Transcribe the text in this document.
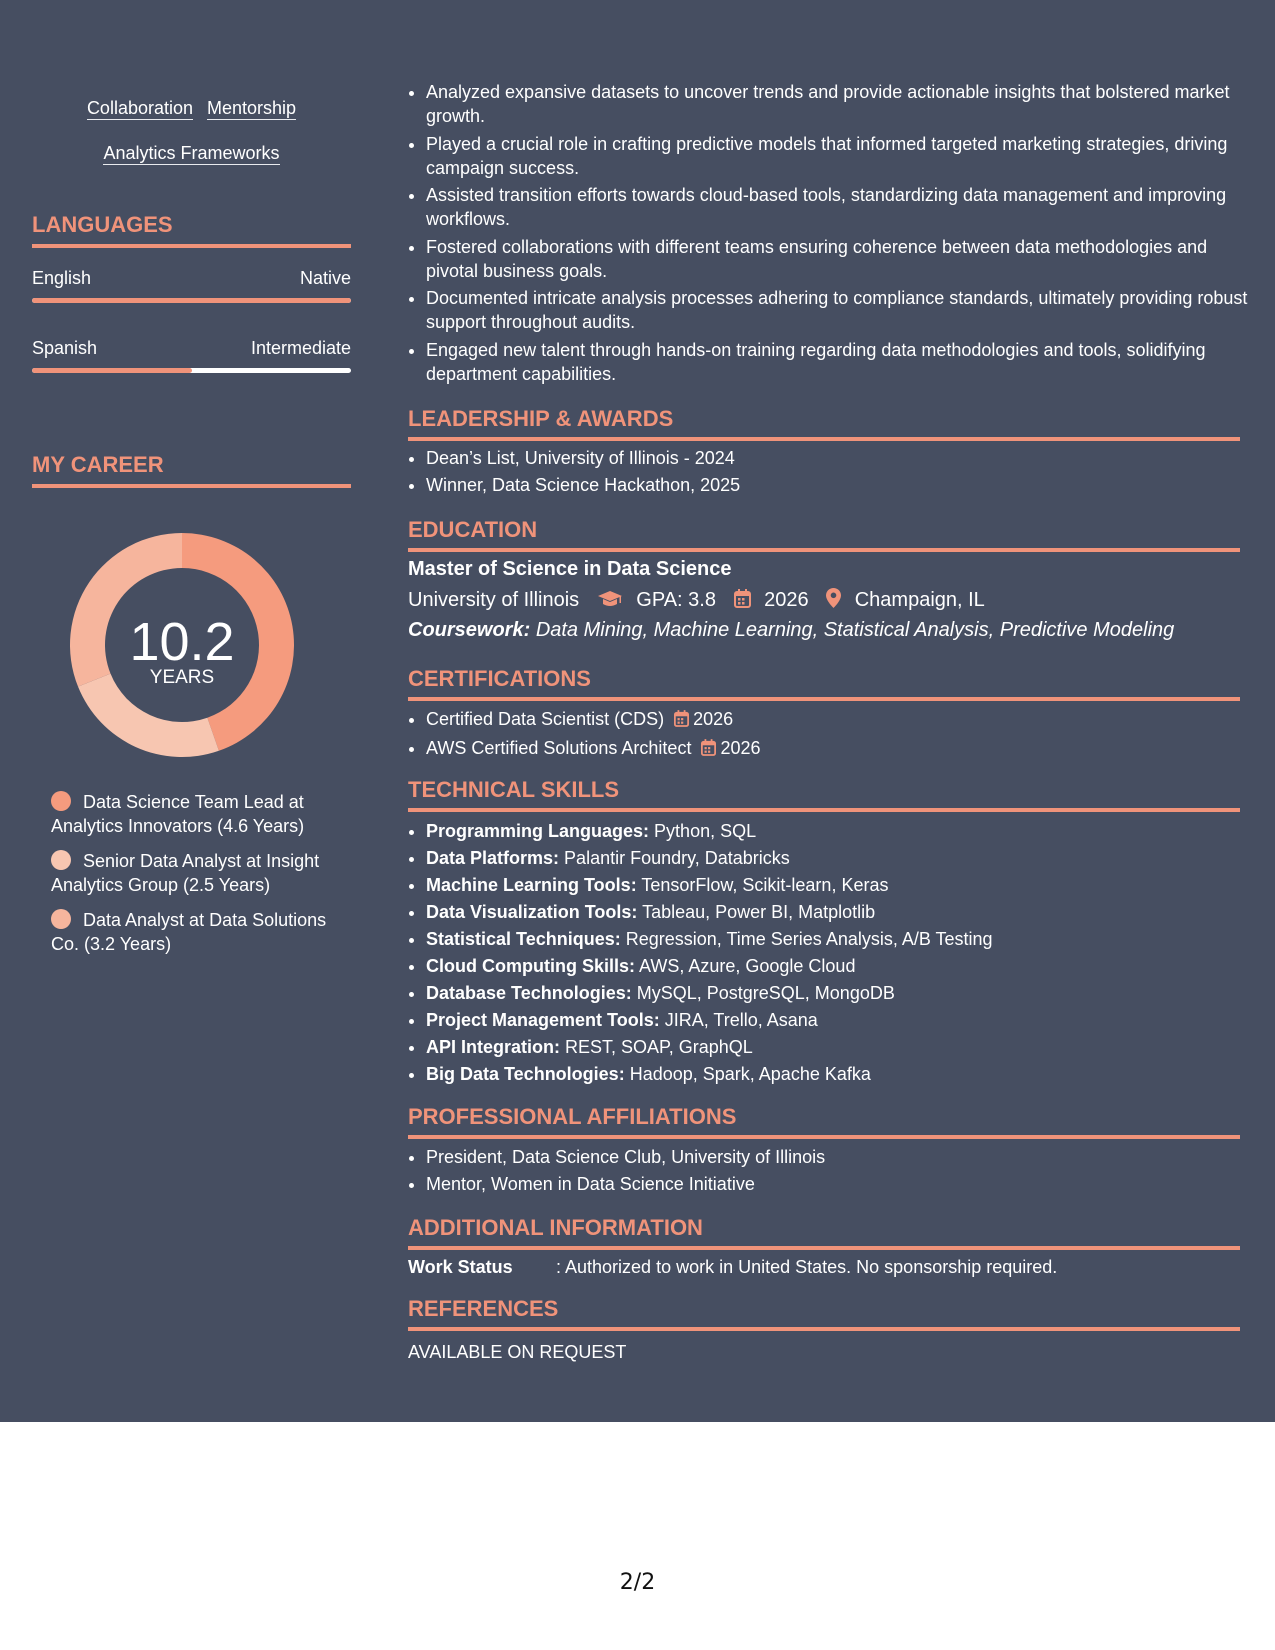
Collaboration Mentorship
Analytics Frameworks
LANGUAGES
English	Native
Spanish	Intermediate
MY CAREER
10.2
YEARS
Data Science Team Lead at Analytics Innovators (4.6 Years)
Senior Data Analyst at Insight Analytics Group (2.5 Years)
Data Analyst at Data Solutions Co. (3.2 Years)
• Analyzed expansive datasets to uncover trends and provide actionable insights that bolstered market growth.
• Played a crucial role in crafting predictive models that informed targeted marketing strategies, driving campaign success.
• Assisted transition efforts towards cloud-based tools, standardizing data management and improving workflows.
• Fostered collaborations with different teams ensuring coherence between data methodologies and pivotal business goals.
• Documented intricate analysis processes adhering to compliance standards, ultimately providing robust support throughout audits.
• Engaged new talent through hands-on training regarding data methodologies and tools, solidifying department capabilities.
LEADERSHIP & AWARDS
• Dean’s List, University of Illinois - 2024
• Winner, Data Science Hackathon, 2025
EDUCATION
Master of Science in Data Science
University of Illinois	GPA: 3.8 2026 Champaign, IL
Coursework: Data Mining, Machine Learning, Statistical Analysis, Predictive Modeling
CERTIFICATIONS
• Certified Data Scientist (CDS) 2026
• AWS Certified Solutions Architect 2026
TECHNICAL SKILLS
• Programming Languages: Python, SQL
• Data Platforms: Palantir Foundry, Databricks
• Machine Learning Tools: TensorFlow, Scikit-learn, Keras
• Data Visualization Tools: Tableau, Power BI, Matplotlib
• Statistical Techniques: Regression, Time Series Analysis, A/B Testing
• Cloud Computing Skills: AWS, Azure, Google Cloud
• Database Technologies: MySQL, PostgreSQL, MongoDB
• Project Management Tools: JIRA, Trello, Asana
• API Integration: REST, SOAP, GraphQL
• Big Data Technologies: Hadoop, Spark, Apache Kafka
PROFESSIONAL AFFILIATIONS
• President, Data Science Club, University of Illinois
• Mentor, Women in Data Science Initiative
ADDITIONAL INFORMATION
Work Status : Authorized to work in United States. No sponsorship required.
REFERENCES
AVAILABLE ON REQUEST
2/2
